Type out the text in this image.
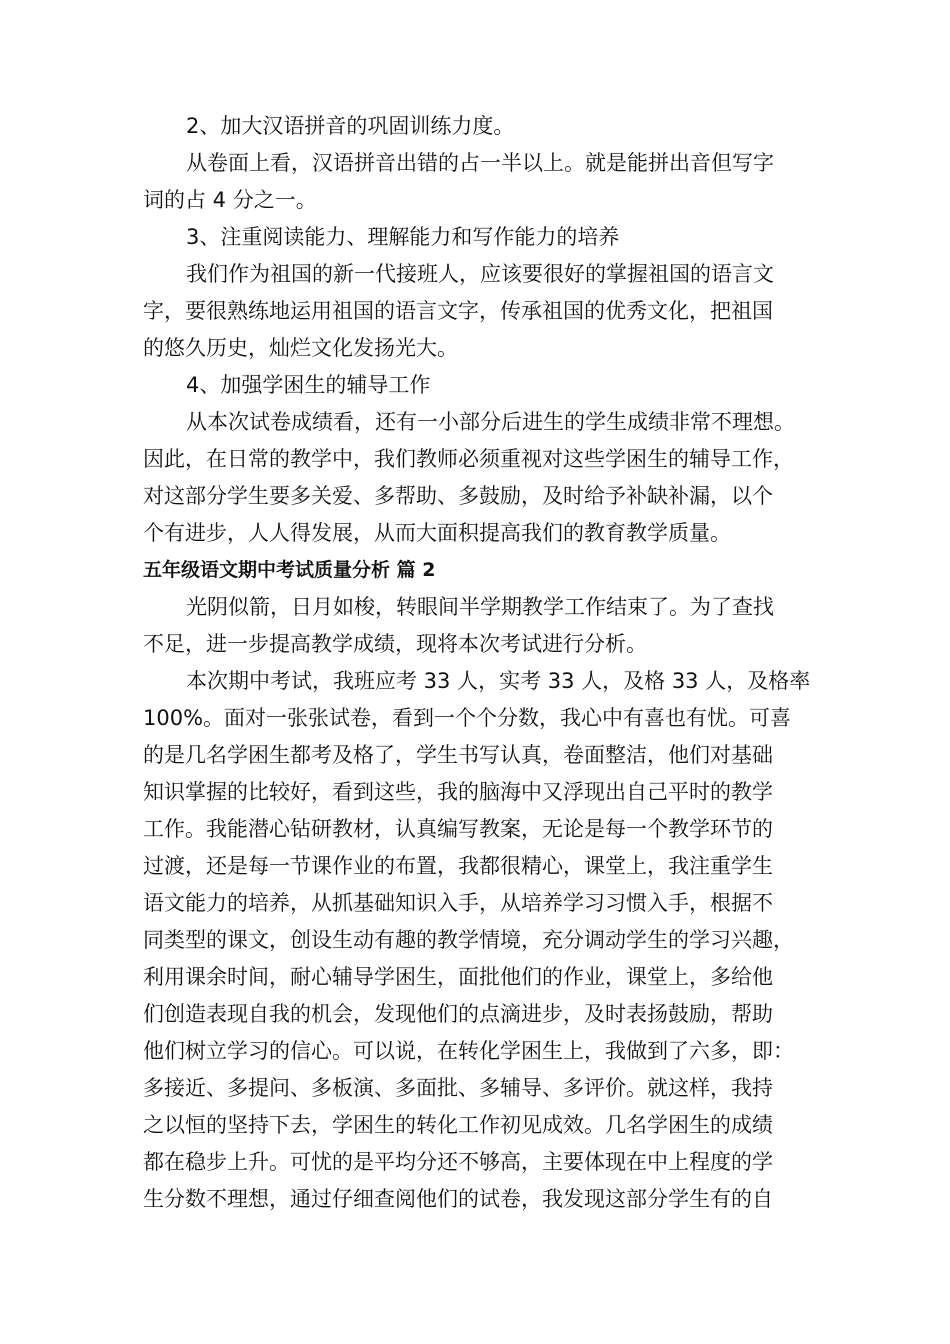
2、加大汉语拼音的巩固训练力度。
从卷面上看，汉语拼音出错的占一半以上。就是能拼出音但写字
词的占 4 分之一。
3、注重阅读能力、理解能力和写作能力的培养
我们作为祖国的新一代接班人，应该要很好的掌握祖国的语言文
字，要很熟练地运用祖国的语言文字，传承祖国的优秀文化，把祖国
的悠久历史，灿烂文化发扬光大。
4、加强学困生的辅导工作
从本次试卷成绩看，还有一小部分后进生的学生成绩非常不理想。
因此，在日常的教学中，我们教师必须重视对这些学困生的辅导工作，
对这部分学生要多关爱、多帮助、多鼓励，及时给予补缺补漏，以个
个有进步，人人得发展，从而大面积提高我们的教育教学质量。
五年级语文期中考试质量分析 篇 2
光阴似箭，日月如梭，转眼间半学期教学工作结束了。为了查找
不足，进一步提高教学成绩，现将本次考试进行分析。
本次期中考试，我班应考 33 人，实考 33 人，及格 33 人，及格率
100%。面对一张张试卷，看到一个个分数，我心中有喜也有忧。可喜
的是几名学困生都考及格了，学生书写认真，卷面整洁，他们对基础
知识掌握的比较好，看到这些，我的脑海中又浮现出自己平时的教学
工作。我能潜心钻研教材，认真编写教案，无论是每一个教学环节的
过渡，还是每一节课作业的布置，我都很精心，课堂上，我注重学生
语文能力的培养，从抓基础知识入手，从培养学习习惯入手，根据不
同类型的课文，创设生动有趣的教学情境，充分调动学生的学习兴趣，
利用课余时间，耐心辅导学困生，面批他们的作业，课堂上，多给他
们创造表现自我的机会，发现他们的点滴进步，及时表扬鼓励，帮助
他们树立学习的信心。可以说，在转化学困生上，我做到了六多，即：
多接近、多提问、多板演、多面批、多辅导、多评价。就这样，我持
之以恒的坚持下去，学困生的转化工作初见成效。几名学困生的成绩
都在稳步上升。可忧的是平均分还不够高，主要体现在中上程度的学
生分数不理想，通过仔细查阅他们的试卷，我发现这部分学生有的自
